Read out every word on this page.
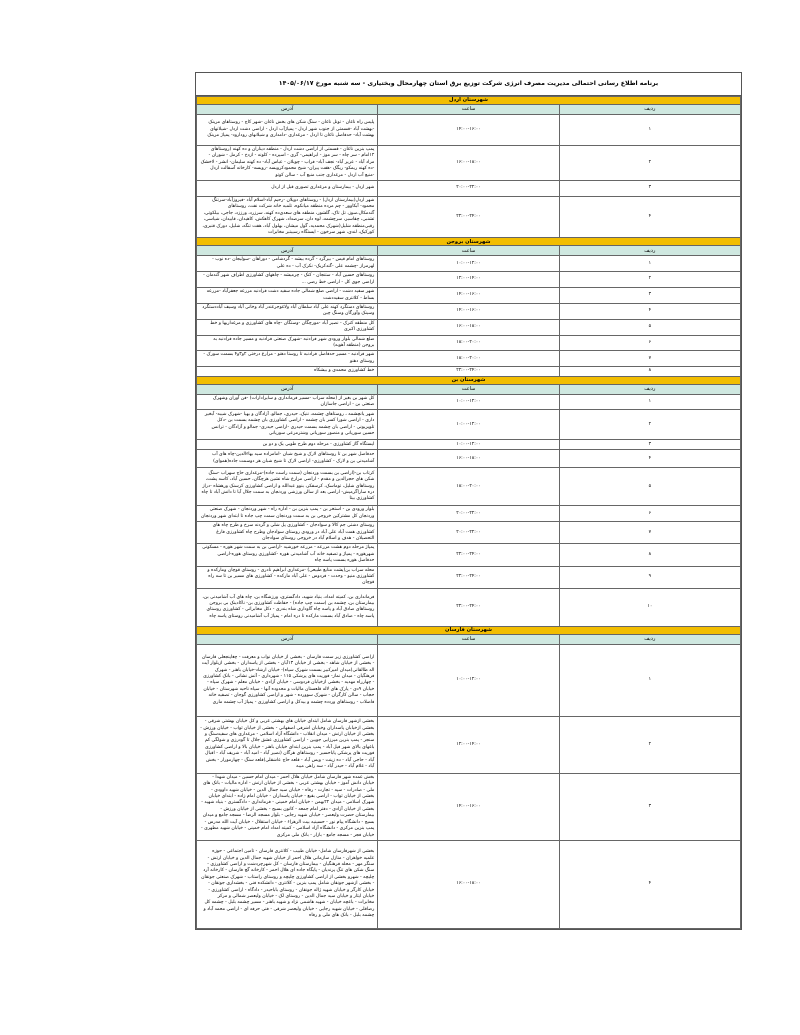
برنامه اطلاع رسانی احتمالی مدیریت مصرف انرژی شرکت توزیع برق استان چهارمحال وبختیاری - سه شنبه مورخ ۱۴۰۵/۰۶/۱۷
شهرستان اردل		
ردیف	ساعت	آدرس
۱	۱۴:۰۰-۱۶:۰۰	پلیس راه ناغان - تونل ناغان - سنگ شکن های بخش ناغان -شهر کاج - روستاهای مرینک -بهشت آباد -قسمتی از جنوب شهر اردل - پمپاژآب اردل - اراضی دشت اردل -شیلانهای بهشت آباد- حدفاصل ناغان تا اردل - مرغداری -دامداری و شیلانهای رودارود- پمپاژ مرینک
۲	۱۶:۰۰-۱۸:۰۰	پمپ بنزین ناغان - قسمتی از اراضی دشت اردل - منطقه دیناران و ده کهنه (روستاهای ۱۲امام - سر چاه - سر موز - ابراهیمی- گری - اسپرده - کلونه - ازدخ - کرمل - شوران - مراد آباد - عزیز آباد- نجف آباد- فراب - چوبلان - عباس آباد- ده کهنه سلیمان- انشر - لاخشک -ده کهنه ریمکو- ریگک -هفت پیران- شیخ محمودکرویسه -رویسه- کارخانه آسفالت اردل -منبع آب اردل - مرغداری جنب منبع آب - سالن کوتو
۳	۲۰:۰۰-۲۲:۰۰	شهر اردل - بیمارستان و مرغداری تصوری قبل از اردل
۴	۲۲:۰۰-۲۴:۰۰	شهر اردل(بیمارستان اردل) - روستاهای دوپلان -رحیم آباد-اسلام آباد -فیروزآباد-سرتنگ محمود- آبکاوور - چم مرده منطقه میانکوه، تلمبه خانه شرکت نفت، روستاهای گندمکال،سوز، تل تاک، گلشور، منطقه های سعدی‌ده کهنه، سرزرد، ورززد، جاجی، بیلکوتی، تشنبی، چقاسبز، سرچشمه، لوه دان، سرصداد، شهرک کاهکش، کاهیدان، قابیدان، شیاسی، رقبی‌منطقه شلیل(شهرک محمدیه، گول میشان، بهلول آباد، هفت تنگه، شلیل، دورک قنبری، کورکیک، لندی، شهر سرخون - ایستگاه رسیبتبر مخابرات
شهرستان بروجن		
ردیف	ساعت	آدرس
۱	۱۰:۰۰-۱۲:۰۰	روستاهای امام قیس - بیزگرد - گرده بیشه - گردشامی - دوراهان -سولیجان -ده نوب - لهرمراز -چشمه علی -گندکریک- نکرک آب - ده علی
۲	۱۲:۰۰-۱۴:۰۰	روستاهای حسین آباد - ستنجان - کنک - چرمیشه - چاههای کشاورزی اطراف شهر گندمان - اراضی جوی کل - اراضی خط رضی ...
۳	۱۴:۰۰-۱۶:۰۰	شهر سفید دشت - اراضی ضلع شمالی جاده سفید دشت فرادنبه مزرعه جعفرآباد -مزرعه بساط - کلانتری سفیددشت
۴	۱۴:۰۰-۱۶:۰۰	روستاهای دستگرد کهنه علی آباد سلطان آباد ولاغوجرغندر آباد وخانی آباد وسیف آباددستگرد وسینک وآورگان وسنگ چین
۵	۱۶:۰۰-۱۸:۰۰	کل منطقه کنرک - نصیر آباد -مورچگان -وستگان -چاه های کشاورزی و مرغداریها و خط کشاورزی اکبری
۶	۱۸:۰۰-۲۰:۰۰	ضلع شمالی بلوار ورودی شهر فرادنبه -شهرک صنعتی فرادنبه و مسیر جاده فرادنبه به بروجن (منطقه آهوبه)
۷	۱۸:۰۰-۲۰:۰۰	شهر فرادنبه - مسیر حدفاصل فرادنبه تا روستا دهنو - مزارع درختی ۲و۳و۴ بسمت سورک - روستای دهنو
۸	۲۲:۰۰-۲۴:۰۰	خط کشاورزی محمدی و بیشکاه
شهرستان بن		
ردیف	ساعت	آدرس
۱	۱۰:۰۰-۱۲:۰۰	کل شهر بن بغیر از (محله سراب -مسیر فرمانداری و سایرادارات) -فن آوران وشهرک صنعتی بن - اراضی جاسازان
۲	۱۰:۰۰-۱۲:۰۰	شهر یانچشمه ، روستاهای چشمه، ننیک، حیدری، جمالو، آزادگان و بهیا -شهرک شیبه- آبخیز داری - اراضی شورا کسر بان چشمه - اراضی کشاورزی بان چشمه بسمت بن -دکل تلویزیونی - اراضی بان چشمه بسمت حیدری -اراضی حیدری- جمالو و آزادگان - ترانس حسین سوریانی و منصور سوریانی وشترمرعی سوریانی
۳	۱۰:۰۰-۱۲:۰۰	ایستگاه گاز کشاورزی - مرحله دوم طرح طوبی یک و دو بن
۴	۱۶:۰۰-۱۸:۰۰	حدفاصل شهر بن تا روستاهای لارک و شیخ شبان -امامزاده سید بهاءالدین-چاه های آب آشامیدنی بن و لارک - کشاورزی- اراضی لارک تا شیخ شبان هر دوسمت جاده(هموای)
۵	۱۸:۰۰-۲۰:۰۰	کرتاب بن-(اراضی بن بسمت وردنجان (سمت راست جاده)-مرغداری حاج سهراب -سنگ شکن های حجرالدین و مقدم - اراضی مزارع شاه نشین هرچگان، حسین آباد، کاسه پشت، روستاهای شلیل، توماسک، کرسفکر، بنوو عبدالله و اراضی کشاورزی کرسنک ورهشاه -دراز دره ساراگرمیش- اراضی بعد از سالن ورزشی وردنجان به سمت جلال آبا تا دانش آباد تا چاه کشاورزی بیتا
۶	۲۰:۰۰-۲۲:۰۰	بلوار ورودی بن - استخر بن - پمپ بنزین بن - اداره راه - شهر وردنجان - شهرک صنعتی وردنجان کل مشترکین خروجی بن به سمت وردنجان سمت چپ جاده تا ابتدای شهر وردنجان
۷	۲۰:۰۰-۲۲:۰۰	روستای دشتی جم کالا و سوادجان - کشاورزی پل شلی و گردنه سرخ و طرح چاه های کشاورزی همت آباد علی آباد در ورودی روستای سوادجان وطرح چاه کشاورزی فارغ التحصیلان - هدف و اسلام آباد در خروجی روستای سوادجان
۸	۲۲:۰۰-۲۴:۰۰	پمپاژ مرحله دوم هشت مزرعه - مزرعه خورشید -اراضی بن به سمت شهر هوره - مسکونی شهرهوره - پمپاژ و تصفیه خانه آب آشامیدنی هوره -کشاورزی روستای هوره-اراضی حدفاصل هوره بسمت پاسه چاه
۹	۲۲:۰۰-۲۴:۰۰	محله سراب بن(پشت منابع طبیعی) -مرغداری ابراهیم نادری - روستای قوچان ومارکده و کشاورزی منیو - وحدت - فردوس - علی آباد مارکده - کشاورزی های مسیر بن تا سه راه قوچان
۱۰	۲۲:۰۰-۲۴:۰۰	فرمانداری بن، کمیته امداد، بنیاد شهید، دادگستری، ورزشگاه بن، چاه های آب آشامیدنی بن، بیمارستان بن، چشمه بن (سمت چپ جاده) - حفاظت کشاورزی بن- ناکادینک بی بروجن روستاهای صادق آباد و پاسه چاه گاوداری شاه بندری - دکل مخابراتی - کشاورزی روستای پاسه چاه - صادق آباد بسمت مارکده تا دره امام - پمپاژ آب آشامیدنی روستای پاسه چاه
شهرستان فارسان		
ردیف	ساعت	آدرس
۱	۱۰:۰۰-۱۲:۰۰	اراضی کشاورزی زیر سمت فارسان - بخشی از خیابان نواب و معرفت - چغاپنجعلی فارسان - بخشی از خیابان شاهد - بخشی از خیابان ۱۳آبان - بخشی از پاسداران - بخشی ازبلوار آیت اله طالقانی(میدان امیرکبیر بسمت شهرک سپاه)- خیابان ارشاد-خیابان باهنر - شهرک فرهنگیان - میدان نماز- فوریت های پزشکی ۱۱۵ - شهرداری - آتش نشانی - بانک کشاورزی - چهارراه مهدیه - بخشی ازخیابان فردوسی - خیابان آزادی - خیابان معلم - شهرک سپاه - خیابان ۹دی - پارک های لاله قلعستان مالیات و محدوده آنها - سپاه ناحیه شهرستان - خیابان حجاب - سالن کارگران - شهرک سوورده - شهر و اراضی کشاورزی گوجان - تصفیه خانه فاضلاب - روستاهای وردده چشمه و بیدکل و اراضی کشاورزی - پمپاژ آب چشمه ماری
۲	۱۲:۰۰-۱۴:۰۰	بخشی ازشهر فارسان شامل ابتدای خیابان های بهشتی غربی و کل خیابان بهشتی شرقی - بخشی ازخیابان پاسداران وخیابان اشرفی اصفهانی - بخشی از خیابان ثواب - خیابان ورزش - بخشی از خیابان ارتش - میدان انقلاب - دانشگاه آزاد اسلامی - مرغداری های سفیدسنگ و سنجر - پمپ بنزین میرزایی جویین - اراضی کشاورزی عشق جلال تا گودرزی و شولگی کم باغهای بالای شهر فیل آباد - پمپ بنزین ابتدای خیابان باهنر - خیابان بالا و اراضی کشاورزی فوریت های پزشکی پاباحسیر - روستاهای هرگان (نصیر آباد - امید آباد - شریف آباد - اقبال آباد - حاجی آباد - ده زینت - ویس آباد - قلعه حاج عاشقلی(قلعه سنگ - چهارمورار - بخش آباد - غلام آباد - حیدر آباد - سه راهی میبه
۳	۱۴:۰۰-۱۶:۰۰	بخش عمده شهر فارسان شامل خیابان هلال احمر - میدان امام حسین - میدان شهدا - خیابان دانش آموز - خیابان بهشتی غربی - بخشی از خیابان ارتش - اداره مالیات - بانک های ملی - صادرات - سپه - تجارت - رفاه - خیابان سید جمال الدین - خیابان شهید داوودی - بخشی از خیابان ثواب - اراضی بقیع - خیابان پاسداران - خیابان امام زاده - ابتدای خیابان شهرک اسلامی - میدان ۲۲بهمن - خیابان امام خمینی - فرمانداری - دادگستری - بنیاد شهید - بخشی از خیابان آزادی - دفتر امام جمعه - کانون بسیج - بخشی از خیابان ورزش - بیمارستان حضرت ولیعصر - خیابان شهید رجایی - بلوار مسجد الرضا - مسجد جامع و میدان بسیج - دانشگاه پیام نور - حسینیه بیت الزهراء - خیابان استقلال - خیابان آیت الله مدرس - پمپ بنزین مرکزی - دانشگاه آزاد اسلامی - کمیته امداد امام خمینی - خیابان شهید مطهری - خیابان فجر - مسجد جامع - بازار - بانک ملی مرکزی
۴	۱۶:۰۰-۱۸:۰۰	بخشی از شهرفارسان شامل- خیابان طبیب - کلانتری فارسان - تامین اجتماعی - حوزه علمیه خواهران - منازل سازمانی هلال احمر از خیابان شهید جمال الدین و خیابان ارتش - سنگر مهر - محله فرهنگیان - بیمارستان فارسان - کل شهرچردشت و اراضی کشاورزی - سنگ شکن های تنگ پرندیان - پایگاه جاده ای هلال احمر - کارخانه گچ فارسان - کارخانه آرد چلیچه - شهرو بخشی از اراضی کشاورزی چلیچه و روستای راستاب - شهرک صنعتی جونقان - بخشی ازشهر جونقان شامل پمپ بنزین - کلانتری - دانشکده فنی - بخشداری جونقان - خیابان کارگر و خیابان شهید ژاله جونقان - روستای باباحیدر - دادگاه - اراضی کشاورزی - خیابان ایثار و خیابان سید جمال الدین - روستای لک - خیابان ولیعصر شمالی و مرکز مخابرات - باغچه خیابان - شهید هاشمی نژاد و شهید باهنر - مسیر چشمه بلبل - چشمه کل رضاقلی - خیابان شهید رجایی - خیابان ولیعصر شرقی - فنی حرفه ای - اراضی محمد آباد و چشمه بلبل - بانک های ملی و رفاه
